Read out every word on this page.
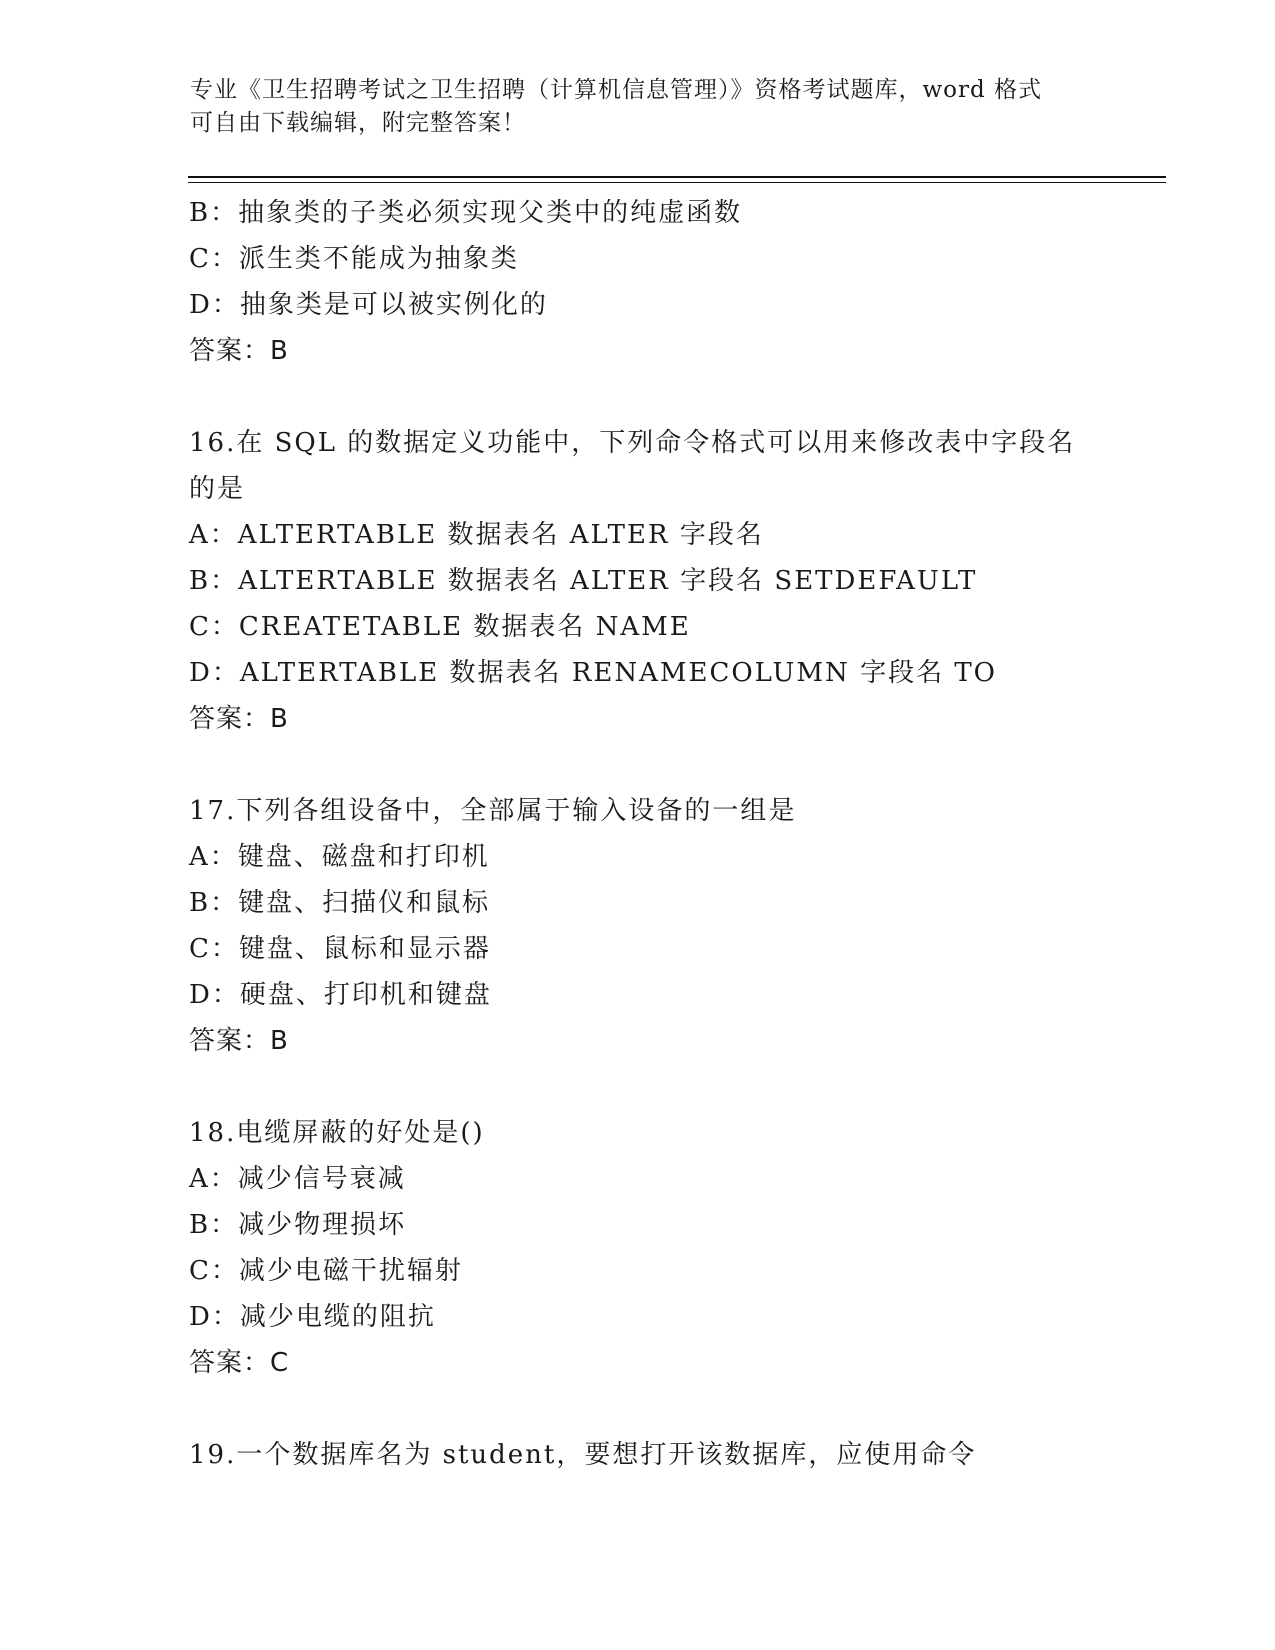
专业《卫生招聘考试之卫生招聘（计算机信息管理）》资格考试题库，word 格式
可自由下载编辑，附完整答案！
B：抽象类的子类必须实现父类中的纯虚函数
C：派生类不能成为抽象类
D：抽象类是可以被实例化的
答案：B
16.在 SQL 的数据定义功能中，下列命令格式可以用来修改表中字段名
的是
A：ALTERTABLE 数据表名 ALTER 字段名
B：ALTERTABLE 数据表名 ALTER 字段名 SETDEFAULT
C：CREATETABLE 数据表名 NAME
D：ALTERTABLE 数据表名 RENAMECOLUMN 字段名 TO
答案：B
17.下列各组设备中，全部属于输入设备的一组是
A：键盘、磁盘和打印机
B：键盘、扫描仪和鼠标
C：键盘、鼠标和显示器
D：硬盘、打印机和键盘
答案：B
18.电缆屏蔽的好处是()
A：减少信号衰减
B：减少物理损坏
C：减少电磁干扰辐射
D：减少电缆的阻抗
答案：C
19.一个数据库名为 student，要想打开该数据库，应使用命令
